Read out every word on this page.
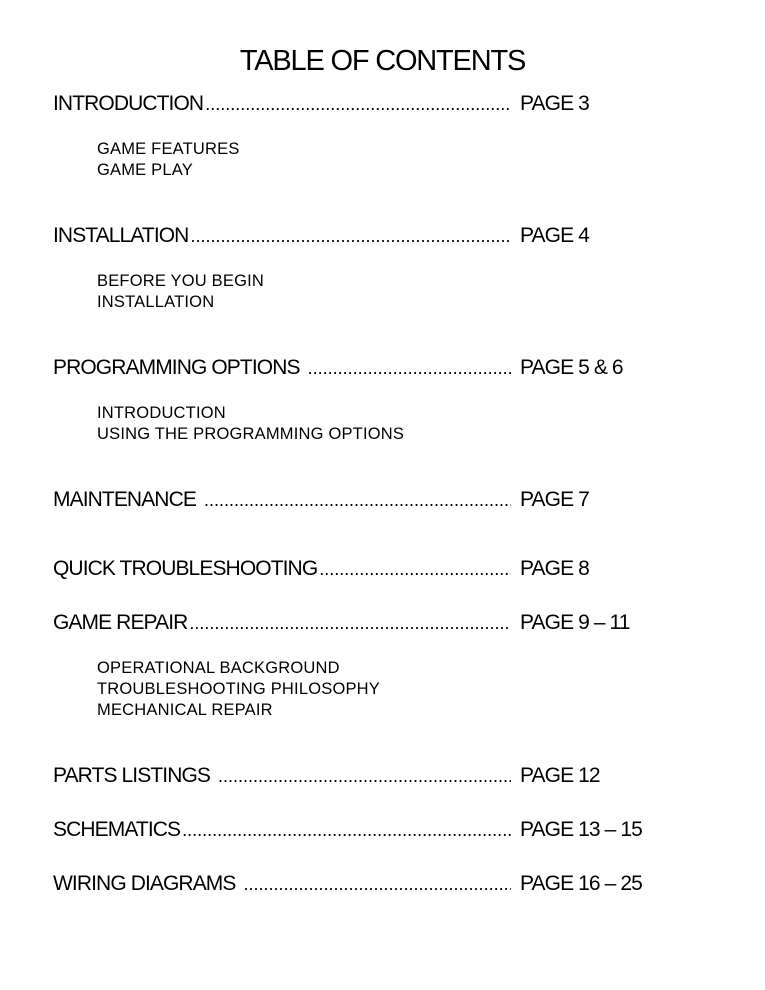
TABLE OF CONTENTS
INTRODUCTION .....	PAGE 3
GAME FEATURES
GAME PLAY
INSTALLATION .....	PAGE 4
BEFORE YOU BEGIN
INSTALLATION
PROGRAMMING OPTIONS .....	PAGE 5 & 6
INTRODUCTION
USING THE PROGRAMMING OPTIONS
MAINTENANCE .....	PAGE 7
QUICK TROUBLESHOOTING .....	PAGE 8
GAME REPAIR .....	PAGE 9 – 11
OPERATIONAL BACKGROUND
TROUBLESHOOTING PHILOSOPHY
MECHANICAL REPAIR
PARTS LISTINGS .....	PAGE 12
SCHEMATICS .....	PAGE 13 – 15
WIRING DIAGRAMS .....	PAGE 16 – 25
